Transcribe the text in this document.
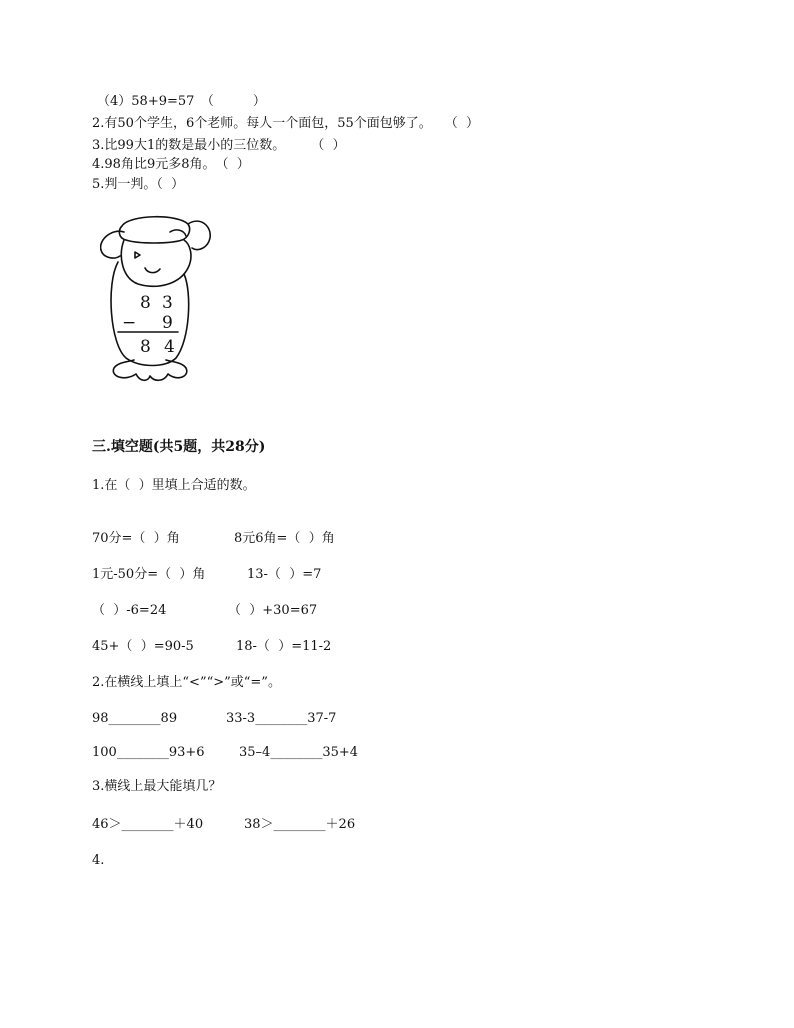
（4）58+9=57　（　　　）
2.有50个学生，6个老师。每人一个面包，55个面包够了。　　（  ）
3.比99大1的数是最小的三位数。　　　（  ）
4.98角比9元多8角。　（  ）
5.判一判。（  ）
8 3
− 9
8 4
三.填空题(共5题，共28分)
1.在（  ）里填上合适的数。
70分=（  ）角	8元6角=（  ）角
1元-50分=（  ）角	13-（  ）=7
（  ）-6=24	（  ）+30=67
45+（  ）=90-5	18-（  ）=11-2
2.在横线上填上“<”“>”或“=”。
98________89	33-3________37-7
100________93+6	35–4________35+4
3.横线上最大能填几？
46＞________＋40	38＞________＋26
4.
